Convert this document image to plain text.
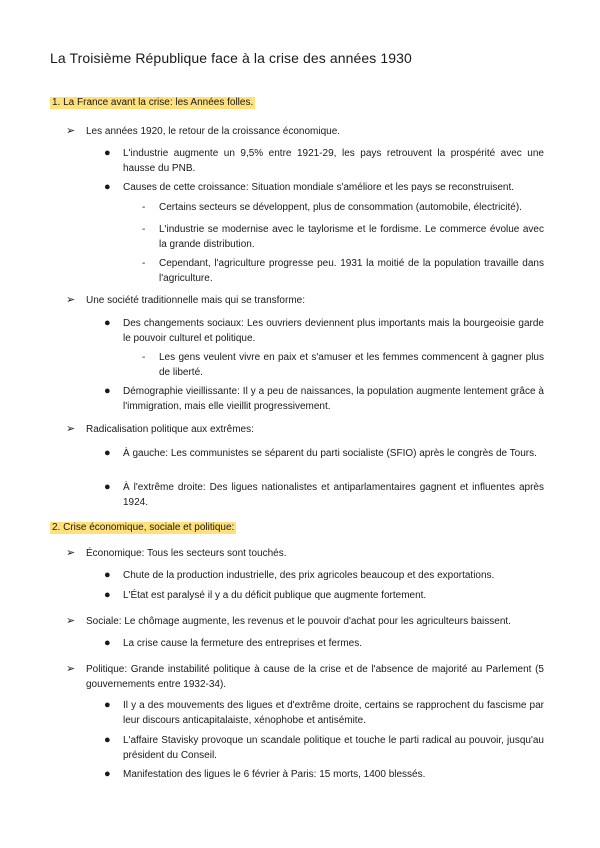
La Troisième République face à la crise des années 1930
1. La France avant la crise: les Années folles.
➢ Les années 1920, le retour de la croissance économique.

● L'industrie augmente un 9,5% entre 1921-29, les pays retrouvent la prospérité avec une hausse du PNB.

● Causes de cette croissance: Situation mondiale s'améliore et les pays se reconstruisent.

- Certains secteurs se développent, plus de consommation (automobile, électricité).

- L'industrie se modernise avec le taylorisme et le fordisme. Le commerce évolue avec la grande distribution.

- Cependant, l'agriculture progresse peu. 1931 la moitié de la population travaille dans l'agriculture.

➢ Une société traditionnelle mais qui se transforme:

● Des changements sociaux: Les ouvriers deviennent plus importants mais la bourgeoisie garde le pouvoir culturel et politique.

- Les gens veulent vivre en paix et s'amuser et les femmes commencent à gagner plus de liberté.

● Démographie vieillissante: Il y a peu de naissances, la population augmente lentement grâce à l'immigration, mais elle vieillit progressivement.

➢ Radicalisation politique aux extrêmes:

● À gauche: Les communistes se séparent du parti socialiste (SFIO) après le congrès de Tours.

● À l'extrême droite: Des ligues nationalistes et antiparlamentaires gagnent et influentes après 1924.

2. Crise économique, sociale et politique:
➢ Économique: Tous les secteurs sont touchés.

● Chute de la production industrielle, des prix agricoles beaucoup et des exportations.

● L'État est paralysé il y a du déficit publique que augmente fortement.

➢ Sociale: Le chômage augmente, les revenus et le pouvoir d'achat pour les agriculteurs baissent.

● La crise cause la fermeture des entreprises et fermes.

➢ Politique: Grande instabilité politique à cause de la crise et de l'absence de majorité au Parlement (5 gouvernements entre 1932-34).

● Il y a des mouvements des ligues et d'extrême droite, certains se rapprochent du fascisme par leur discours anticapitalaiste, xénophobe et antisémite.

● L'affaire Stavisky provoque un scandale politique et touche le parti radical au pouvoir, jusqu'au président du Conseil.

● Manifestation des ligues le 6 février à Paris: 15 morts, 1400 blessés.
